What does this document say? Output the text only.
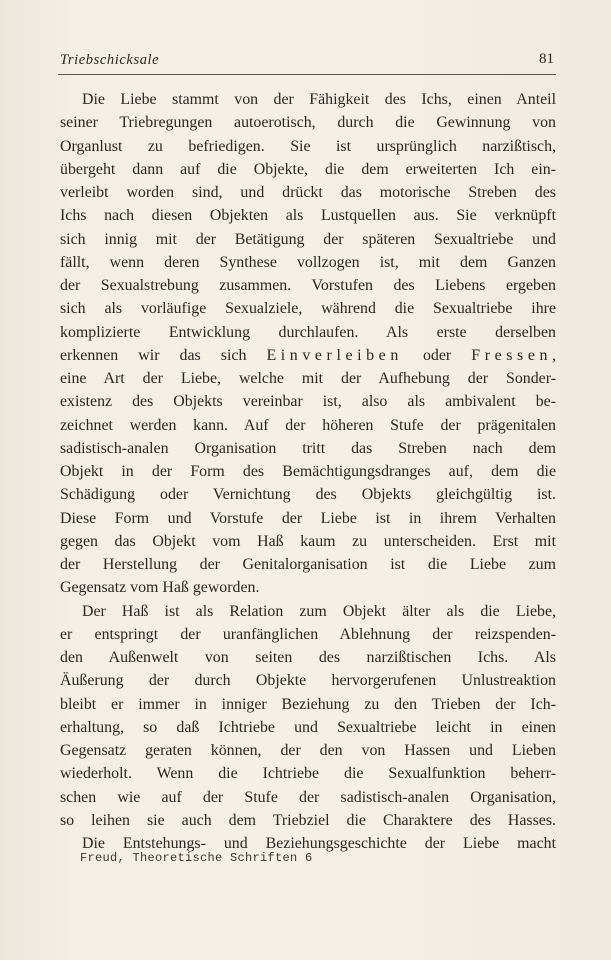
Triebschicksale	81
Die Liebe stammt von der Fähigkeit des Ichs, einen Anteil
seiner Triebregungen autoerotisch, durch die Gewinnung von
Organlust zu befriedigen. Sie ist ursprünglich narzißtisch,
übergeht dann auf die Objekte, die dem erweiterten Ich ein-
verleibt worden sind, und drückt das motorische Streben des
Ichs nach diesen Objekten als Lustquellen aus. Sie verknüpft
sich innig mit der Betätigung der späteren Sexualtriebe und
fällt, wenn deren Synthese vollzogen ist, mit dem Ganzen
der Sexualstrebung zusammen. Vorstufen des Liebens ergeben
sich als vorläufige Sexualziele, während die Sexualtriebe ihre
komplizierte Entwicklung durchlaufen. Als erste derselben
erkennen wir das sich Einverleiben oder Fressen,
eine Art der Liebe, welche mit der Aufhebung der Sonder-
existenz des Objekts vereinbar ist, also als ambivalent be-
zeichnet werden kann. Auf der höheren Stufe der prägenitalen
sadistisch-analen Organisation tritt das Streben nach dem
Objekt in der Form des Bemächtigungsdranges auf, dem die
Schädigung oder Vernichtung des Objekts gleichgültig ist.
Diese Form und Vorstufe der Liebe ist in ihrem Verhalten
gegen das Objekt vom Haß kaum zu unterscheiden. Erst mit
der Herstellung der Genitalorganisation ist die Liebe zum
Gegensatz vom Haß geworden.
Der Haß ist als Relation zum Objekt älter als die Liebe,
er entspringt der uranfänglichen Ablehnung der reizspenden-
den Außenwelt von seiten des narzißtischen Ichs. Als
Äußerung der durch Objekte hervorgerufenen Unlustreaktion
bleibt er immer in inniger Beziehung zu den Trieben der Ich-
erhaltung, so daß Ichtriebe und Sexualtriebe leicht in einen
Gegensatz geraten können, der den von Hassen und Lieben
wiederholt. Wenn die Ichtriebe die Sexualfunktion beherr-
schen wie auf der Stufe der sadistisch-analen Organisation,
so leihen sie auch dem Triebziel die Charaktere des Hasses.
Die Entstehungs- und Beziehungsgeschichte der Liebe macht
Freud, Theoretische Schriften 6
